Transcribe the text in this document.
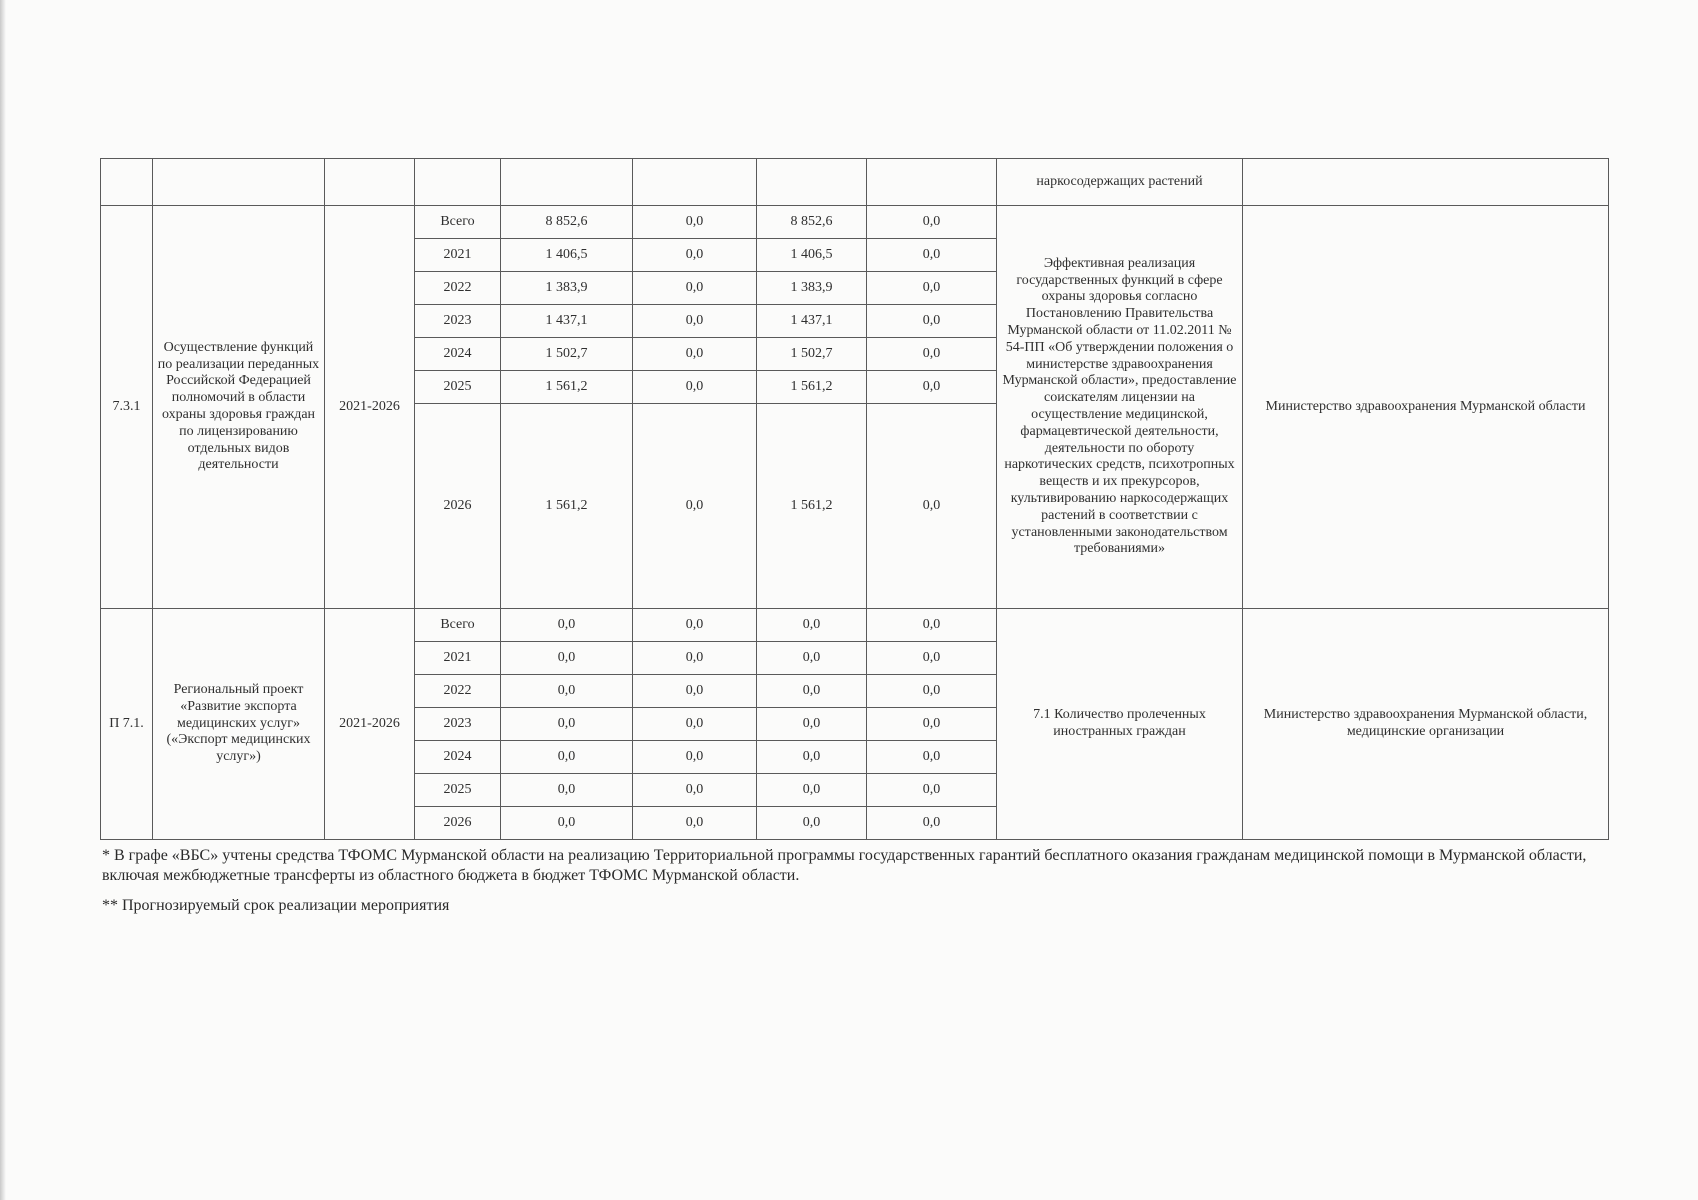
								наркосодержащих растений	
7.3.1	Осуществление функций по реализации переданных Российской Федерацией полномочий в области охраны здоровья граждан по лицензированию отдельных видов деятельности	2021-2026	Всего	8 852,6	0,0	8 852,6	0,0	Эффективная реализация государственных функций в сфере охраны здоровья согласно Постановлению Правительства Мурманской области от 11.02.2011 № 54-ПП «Об утверждении положения о министерстве здравоохранения Мурманской области», предоставление соискателям лицензии на осуществление медицинской, фармацевтической деятельности, деятельности по обороту наркотических средств, психотропных веществ и их прекурсоров, культивированию наркосодержащих растений в соответствии с установленными законодательством требованиями»	Министерство здравоохранения Мурманской области
			2021	1 406,5	0,0	1 406,5	0,0		
			2022	1 383,9	0,0	1 383,9	0,0		
			2023	1 437,1	0,0	1 437,1	0,0		
			2024	1 502,7	0,0	1 502,7	0,0		
			2025	1 561,2	0,0	1 561,2	0,0		
			2026	1 561,2	0,0	1 561,2	0,0		
П 7.1.	Региональный проект «Развитие экспорта медицинских услуг» («Экспорт медицинских услуг»)	2021-2026	Всего	0,0	0,0	0,0	0,0	7.1 Количество пролеченных иностранных граждан	Министерство здравоохранения Мурманской области, медицинские организации
			2021	0,0	0,0	0,0	0,0		
			2022	0,0	0,0	0,0	0,0		
			2023	0,0	0,0	0,0	0,0		
			2024	0,0	0,0	0,0	0,0		
			2025	0,0	0,0	0,0	0,0		
			2026	0,0	0,0	0,0	0,0		

* В графе «ВБС» учтены средства ТФОМС Мурманской области на реализацию Территориальной программы государственных гарантий бесплатного оказания гражданам медицинской помощи в Мурманской области, включая межбюджетные трансферты из областного бюджета в бюджет ТФОМС Мурманской области.

** Прогнозируемый срок реализации мероприятия
